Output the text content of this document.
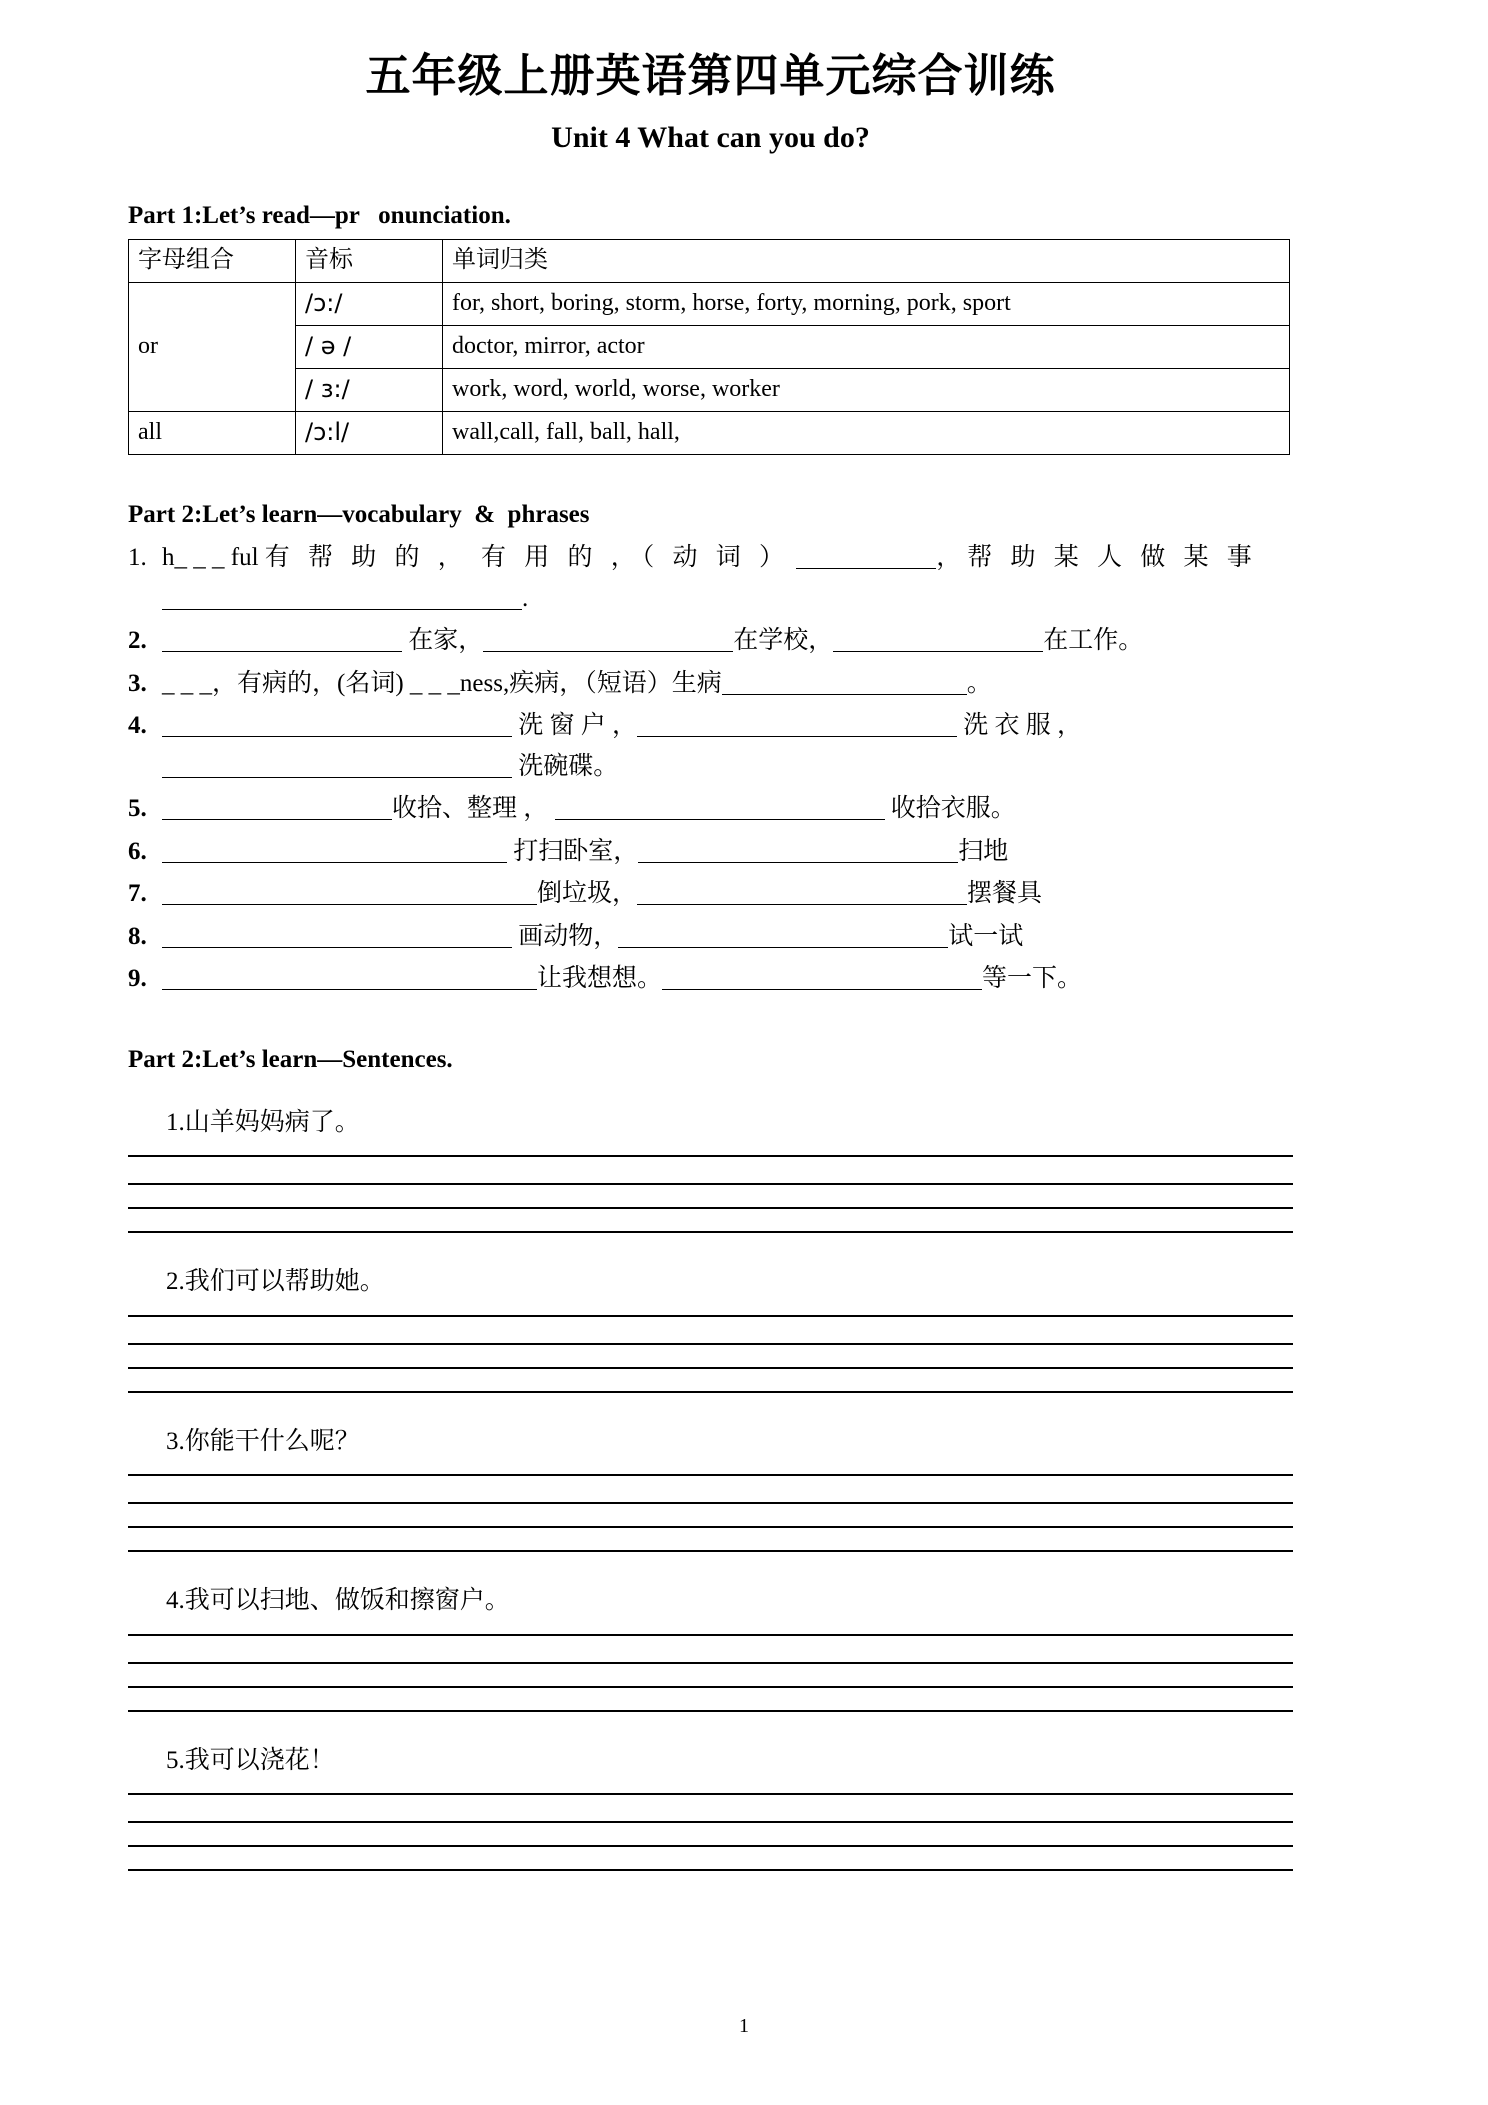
五年级上册英语第四单元综合训练
Unit 4 What can you do?
Part 1:Let’s read—pr   onunciation.
字母组合	音标	单词归类
or	/ɔ:/	for, short, boring, storm, horse, forty, morning, pork, sport
	/ ə /	doctor, mirror, actor
	/ ɜ:/	work, word, world, worse, worker
all	/ɔ:l/	wall,call, fall, ball, hall,
Part 2:Let’s learn—vocabulary  &  phrases
1. h_ _ _ ful 有 帮 助 的 ， 有 用 的 ，（ 动 词 ）	，帮 助 某 人 做 某 事
.
2.	在家，	在学校，	在工作。
3. _ _ _，有病的，(名词) _ _ _ness,疾病，（短语）生病	。
4.	洗 窗 户 ，	洗 衣 服 ，
洗碗碟。
5.	收拾、整理 ，	收拾衣服。
6.	打扫卧室，	扫地
7.	倒垃圾，	摆餐具
8.	画动物，	试一试
9.	让我想想。	等一下。
Part 2:Let’s learn—Sentences.
1.山羊妈妈病了。
2.我们可以帮助她。
3.你能干什么呢？
4.我可以扫地、做饭和擦窗户。
5.我可以浇花！
1
